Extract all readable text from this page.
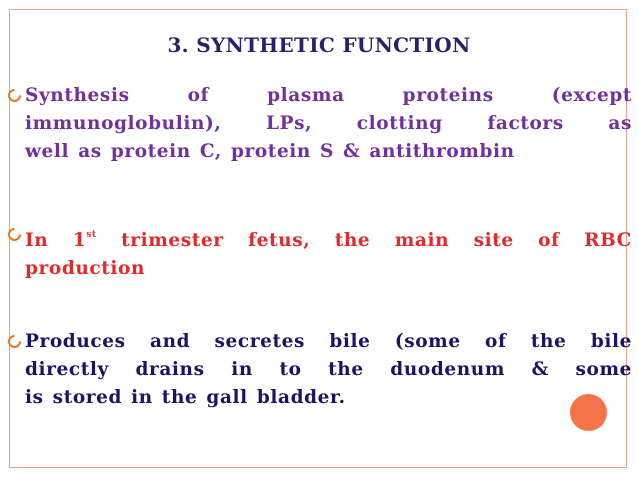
3. SYNTHETIC FUNCTION
Synthesis of plasma proteins (except
immunoglobulin), LPs, clotting factors as
well as protein C, protein S & antithrombin
In 1st trimester fetus, the main site of RBC
production
Produces and secretes bile (some of the bile
directly drains in to the duodenum & some
is stored in the gall bladder.
